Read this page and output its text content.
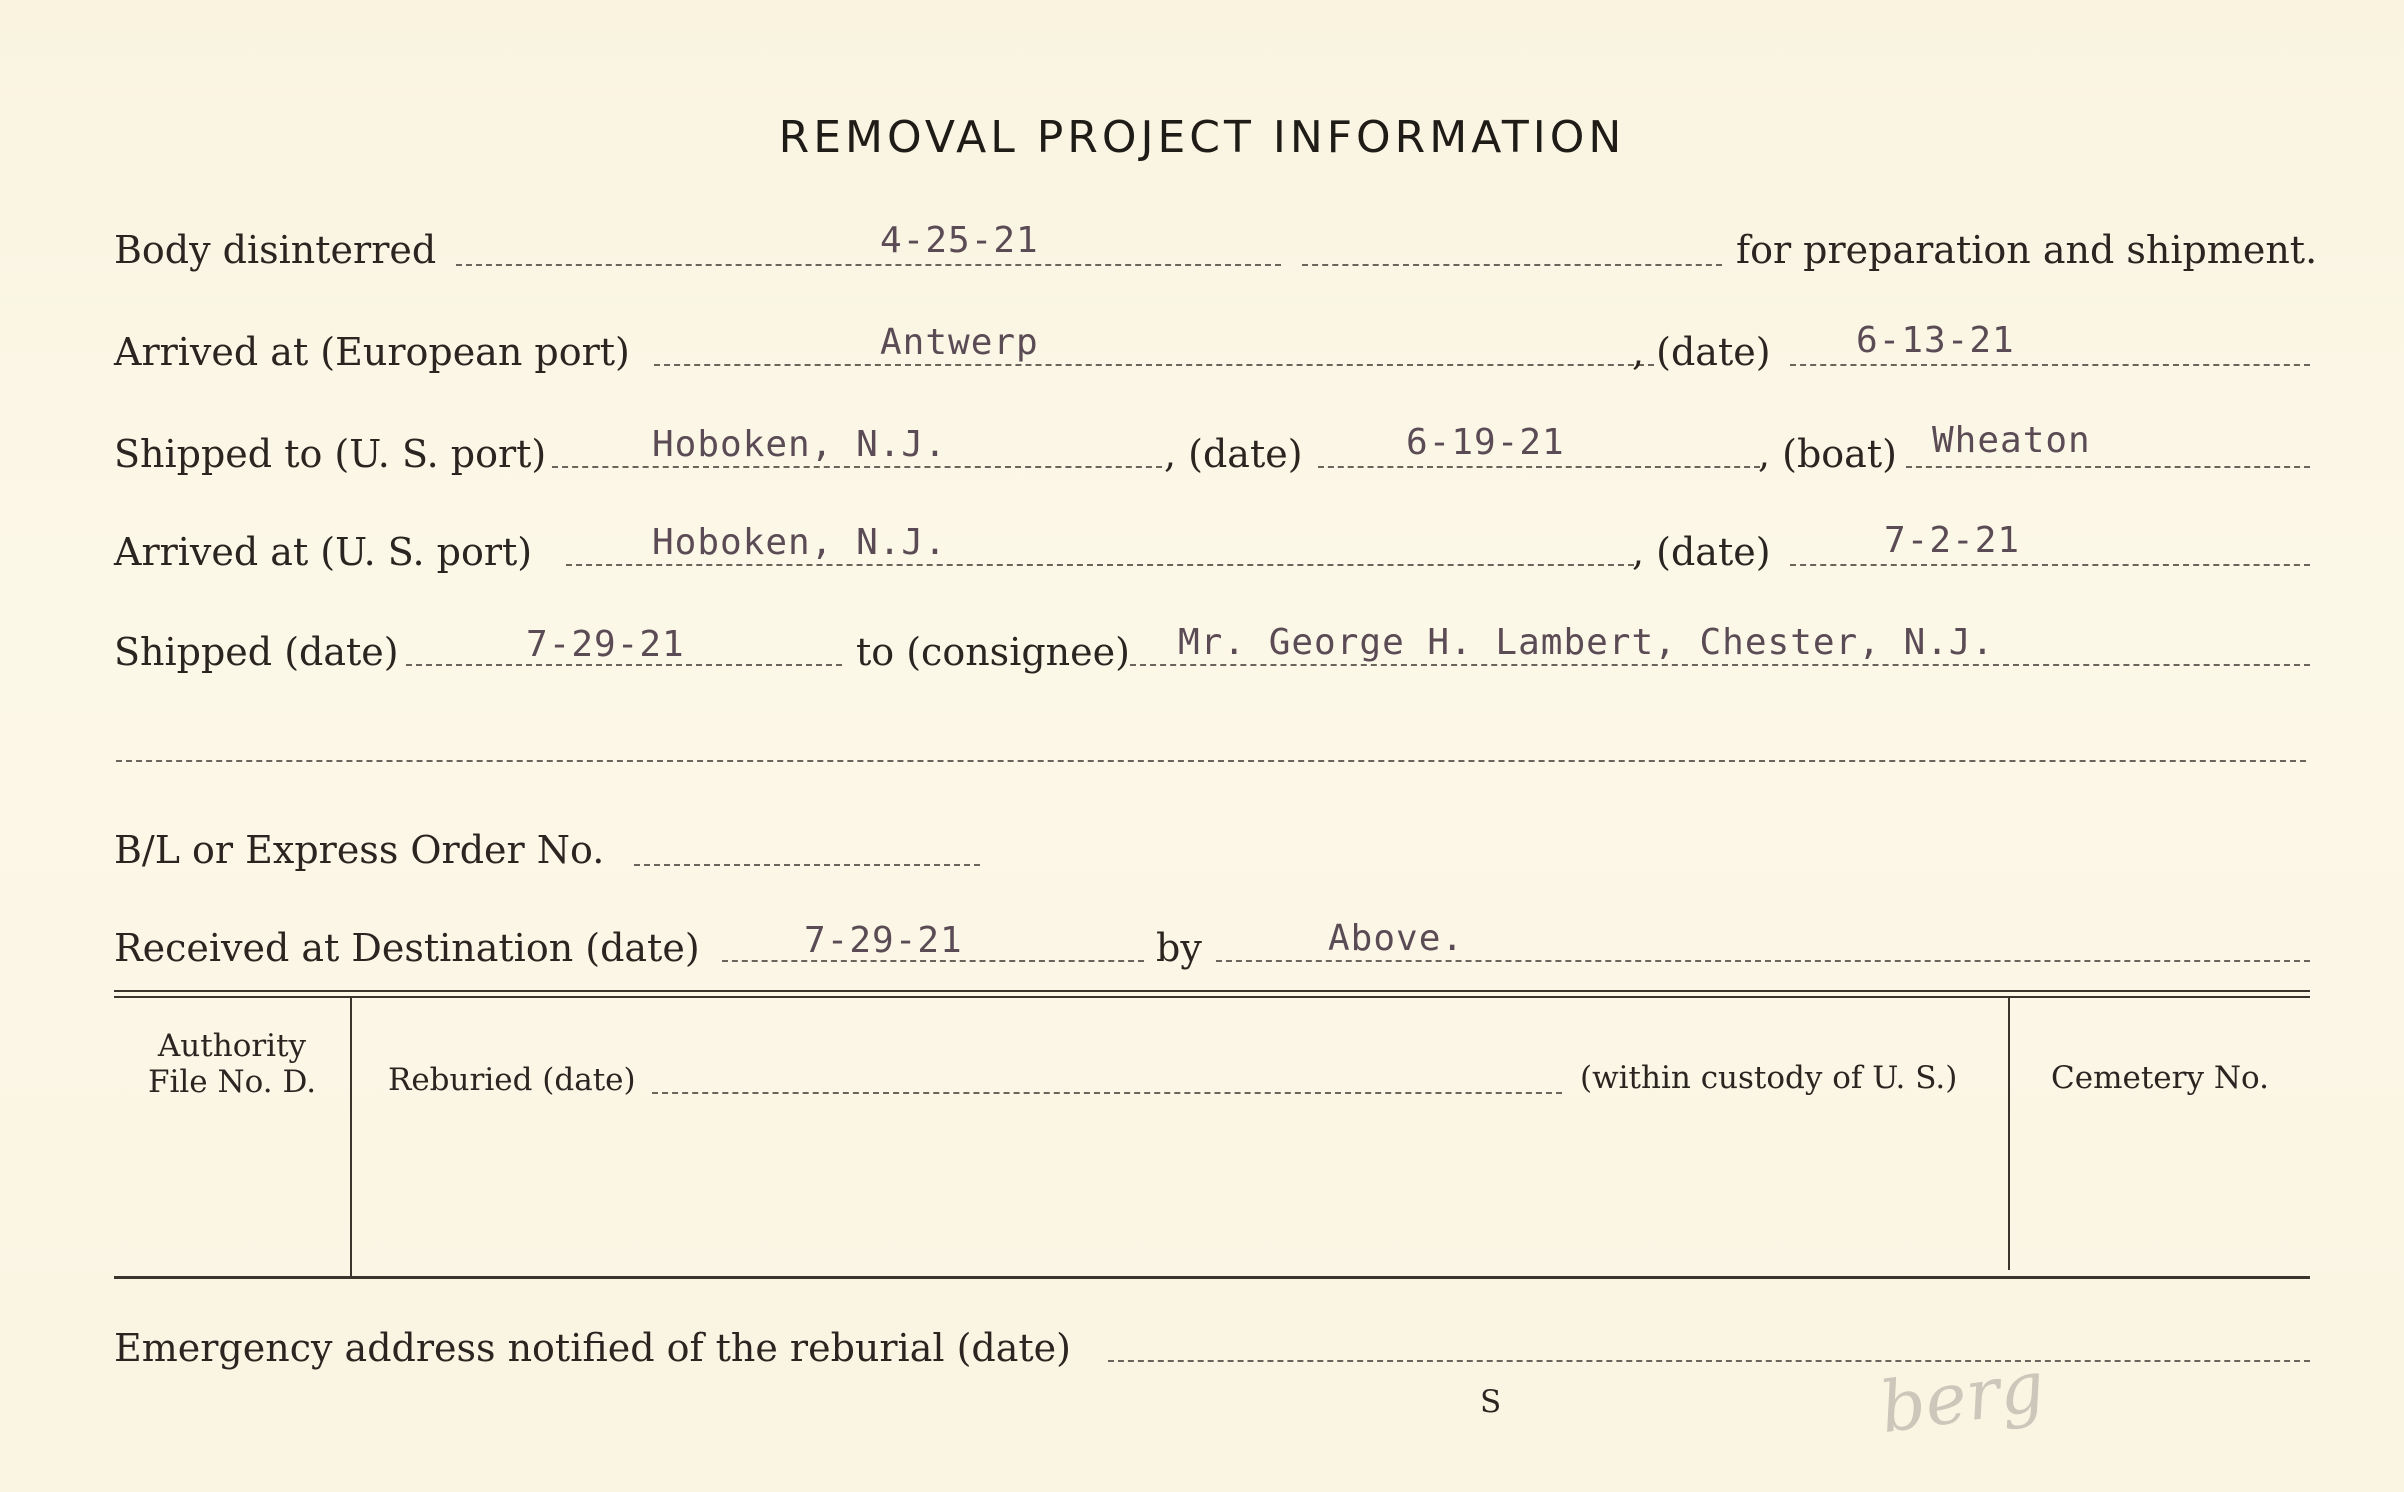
REMOVAL PROJECT INFORMATION
Body disinterred	4-25-21	for preparation and shipment.
Arrived at (European port)	Antwerp	, (date) 6-13-21
Shipped to (U. S. port)	Hoboken, N.J.	, (date)	6-19-21	, (boat) Wheaton
Arrived at (U. S. port)	Hoboken, N.J.	, (date)	7-2-21
Shipped (date)	7-29-21	to (consignee) Mr. George H. Lambert, Chester, N.J.
B/L or Express Order No.
Received at Destination (date)	7-29-21	by	Above.
Authority
File No. D.	Reburied (date)	(within custody of U. S.)	Cemetery No.
Emergency address notified of the reburial (date)
S	berg
